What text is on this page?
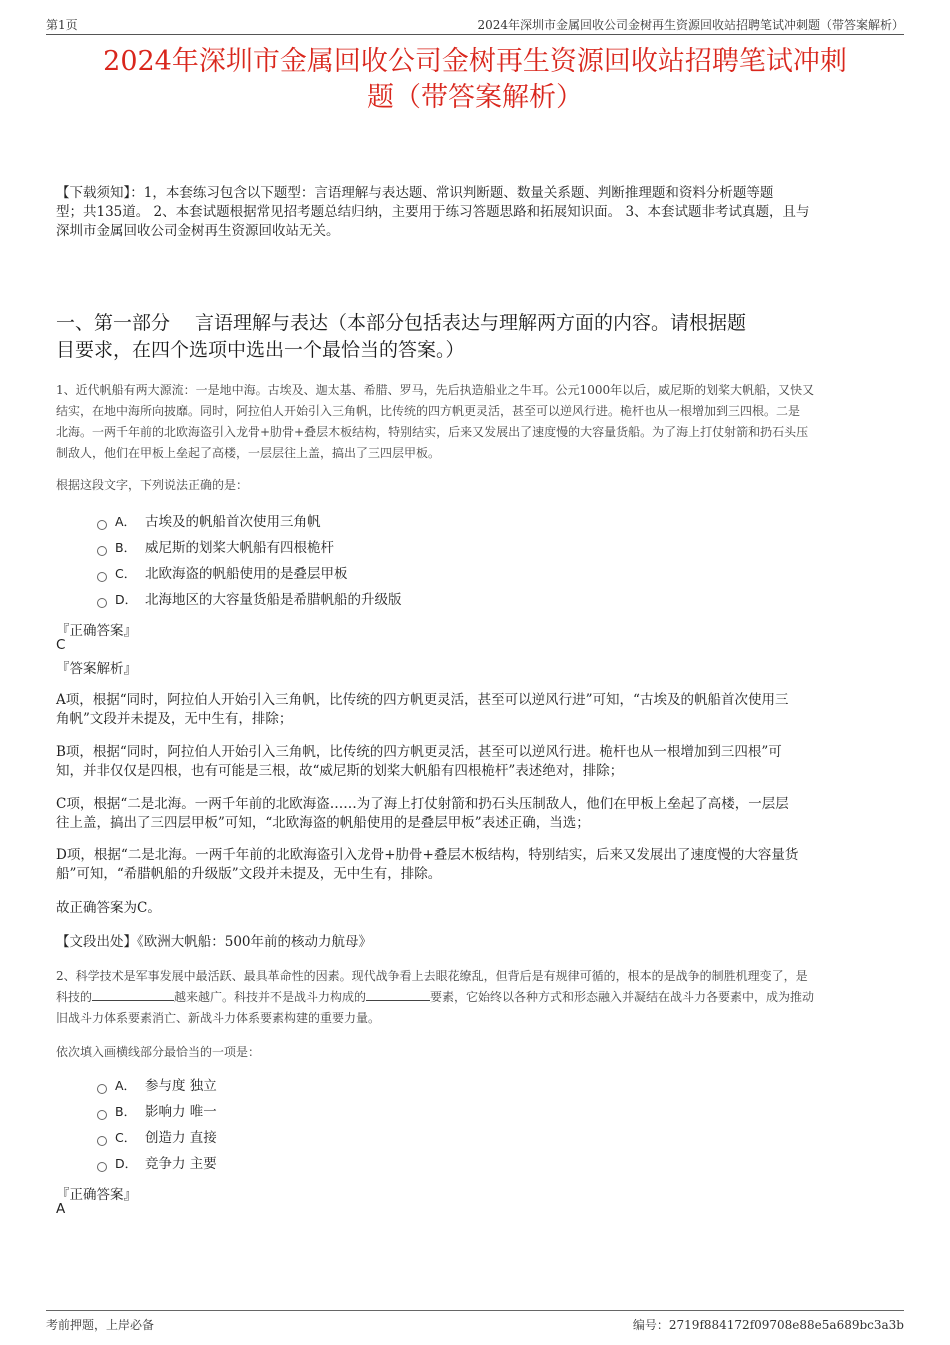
第1页	2024年深圳市金属回收公司金树再生资源回收站招聘笔试冲刺题（带答案解析）
2024年深圳市金属回收公司金树再生资源回收站招聘笔试冲刺
题（带答案解析）
【下载须知】：1，本套练习包含以下题型：言语理解与表达题、常识判断题、数量关系题、判断推理题和资料分析题等题
型；共135道。 2、本套试题根据常见招考题总结归纳，主要用于练习答题思路和拓展知识面。 3、本套试题非考试真题，且与
深圳市金属回收公司金树再生资源回收站无关。
一、第一部分　 言语理解与表达（本部分包括表达与理解两方面的内容。请根据题
目要求，在四个选项中选出一个最恰当的答案。）
1、近代帆船有两大源流：一是地中海。古埃及、迦太基、希腊、罗马，先后执造船业之牛耳。公元1000年以后，威尼斯的划桨大帆船，又快又
结实，在地中海所向披靡。同时，阿拉伯人开始引入三角帆，比传统的四方帆更灵活，甚至可以逆风行进。桅杆也从一根增加到三四根。二是
北海。一两千年前的北欧海盗引入龙骨+肋骨+叠层木板结构，特别结实，后来又发展出了速度慢的大容量货船。为了海上打仗射箭和扔石头压
制敌人，他们在甲板上垒起了高楼，一层层往上盖，搞出了三四层甲板。
根据这段文字，下列说法正确的是：
A． 古埃及的帆船首次使用三角帆
B． 威尼斯的划桨大帆船有四根桅杆
C． 北欧海盗的帆船使用的是叠层甲板
D． 北海地区的大容量货船是希腊帆船的升级版
『正确答案』
C
『答案解析』
A项，根据“同时，阿拉伯人开始引入三角帆，比传统的四方帆更灵活，甚至可以逆风行进”可知，“古埃及的帆船首次使用三
角帆”文段并未提及，无中生有，排除；
B项，根据“同时，阿拉伯人开始引入三角帆，比传统的四方帆更灵活，甚至可以逆风行进。桅杆也从一根增加到三四根”可
知，并非仅仅是四根，也有可能是三根，故“威尼斯的划桨大帆船有四根桅杆”表述绝对，排除；
C项，根据“二是北海。一两千年前的北欧海盗……为了海上打仗射箭和扔石头压制敌人，他们在甲板上垒起了高楼，一层层
往上盖，搞出了三四层甲板”可知，“北欧海盗的帆船使用的是叠层甲板”表述正确，当选；
D项，根据“二是北海。一两千年前的北欧海盗引入龙骨+肋骨+叠层木板结构，特别结实，后来又发展出了速度慢的大容量货
船”可知，“希腊帆船的升级版”文段并未提及，无中生有，排除。
故正确答案为C。
【文段出处】《欧洲大帆船：500年前的核动力航母》
2、科学技术是军事发展中最活跃、最具革命性的因素。现代战争看上去眼花缭乱，但背后是有规律可循的，根本的是战争的制胜机理变了，是
科技的	越来越广。科技并不是战斗力构成的	要素，它始终以各种方式和形态融入并凝结在战斗力各要素中，成为推动
旧战斗力体系要素消亡、新战斗力体系要素构建的重要力量。
依次填入画横线部分最恰当的一项是：
A． 参与度 独立
B． 影响力 唯一
C． 创造力 直接
D． 竞争力 主要
『正确答案』
A
考前押题，上岸必备	编号：2719f884172f09708e88e5a689bc3a3b
